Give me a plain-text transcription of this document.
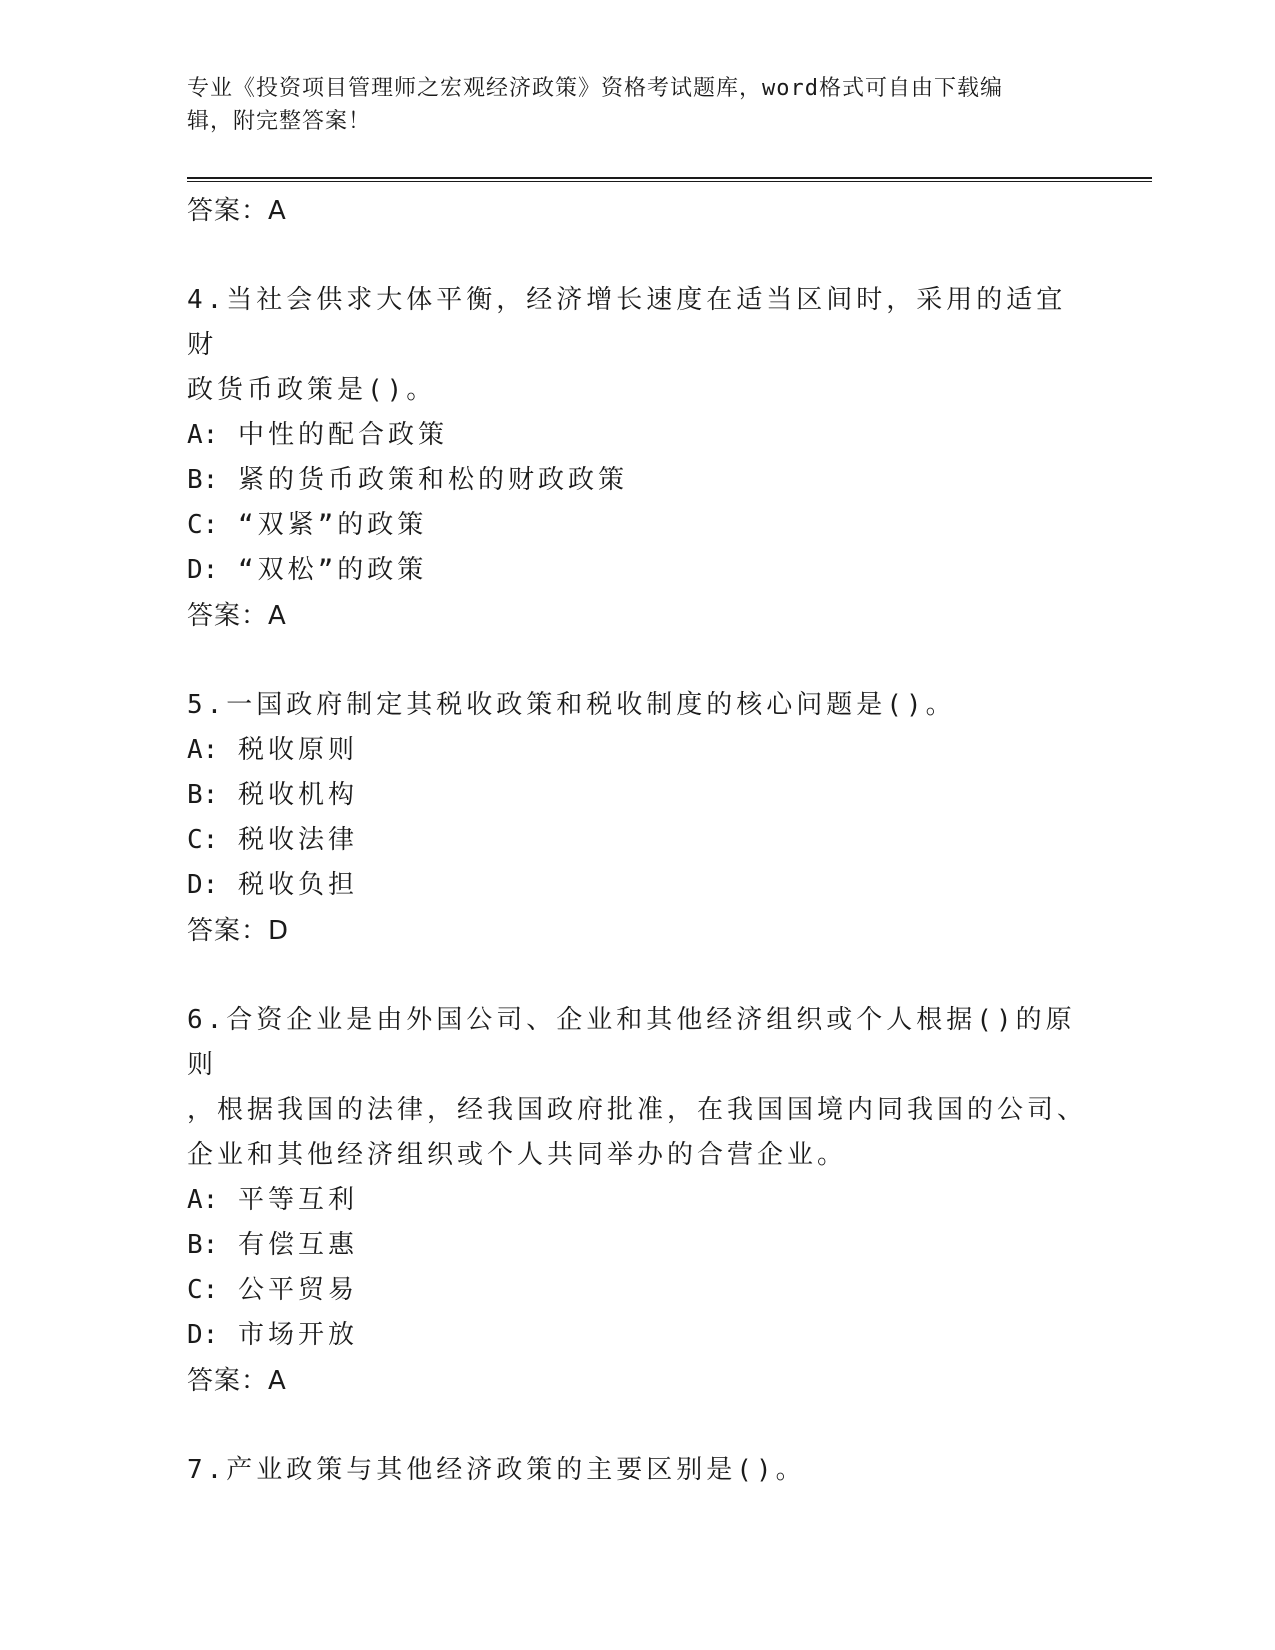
专业《投资项目管理师之宏观经济政策》资格考试题库，word格式可自由下载编
辑，附完整答案！
答案：A
4.当社会供求大体平衡，经济增长速度在适当区间时，采用的适宜财
政货币政策是()。
A: 中性的配合政策
B: 紧的货币政策和松的财政政策
C: “双紧”的政策
D: “双松”的政策
答案：A
5.一国政府制定其税收政策和税收制度的核心问题是()。
A: 税收原则
B: 税收机构
C: 税收法律
D: 税收负担
答案：D
6.合资企业是由外国公司、企业和其他经济组织或个人根据()的原则
，根据我国的法律，经我国政府批准，在我国国境内同我国的公司、
企业和其他经济组织或个人共同举办的合营企业。
A: 平等互利
B: 有偿互惠
C: 公平贸易
D: 市场开放
答案：A
7.产业政策与其他经济政策的主要区别是()。
